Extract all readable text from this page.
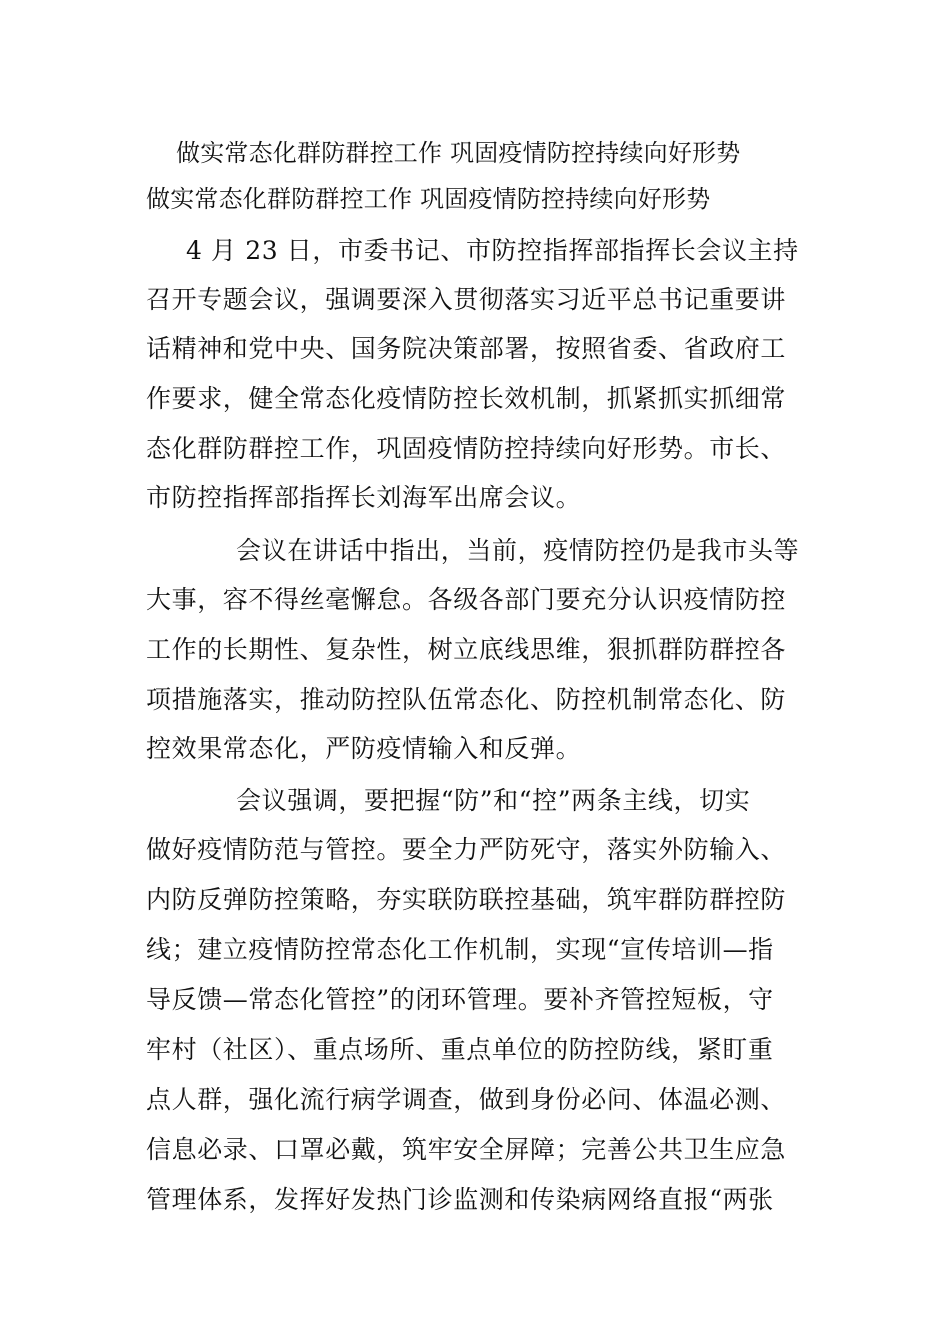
做实常态化群防群控工作 巩固疫情防控持续向好形势
做实常态化群防群控工作 巩固疫情防控持续向好形势
4 月 23 日，市委书记、市防控指挥部指挥长会议主持
召开专题会议，强调要深入贯彻落实习近平总书记重要讲
话精神和党中央、国务院决策部署，按照省委、省政府工
作要求，健全常态化疫情防控长效机制，抓紧抓实抓细常
态化群防群控工作，巩固疫情防控持续向好形势。市长、
市防控指挥部指挥长刘海军出席会议。
会议在讲话中指出，当前，疫情防控仍是我市头等
大事，容不得丝毫懈怠。各级各部门要充分认识疫情防控
工作的长期性、复杂性，树立底线思维，狠抓群防群控各
项措施落实，推动防控队伍常态化、防控机制常态化、防
控效果常态化，严防疫情输入和反弹。
会议强调，要把握“防”和“控”两条主线，切实
做好疫情防范与管控。要全力严防死守，落实外防输入、
内防反弹防控策略，夯实联防联控基础，筑牢群防群控防
线；建立疫情防控常态化工作机制，实现“宣传培训—指
导反馈—常态化管控”的闭环管理。要补齐管控短板，守
牢村（社区）、重点场所、重点单位的防控防线，紧盯重
点人群，强化流行病学调查，做到身份必问、体温必测、
信息必录、口罩必戴，筑牢安全屏障；完善公共卫生应急
管理体系，发挥好发热门诊监测和传染病网络直报“两张
